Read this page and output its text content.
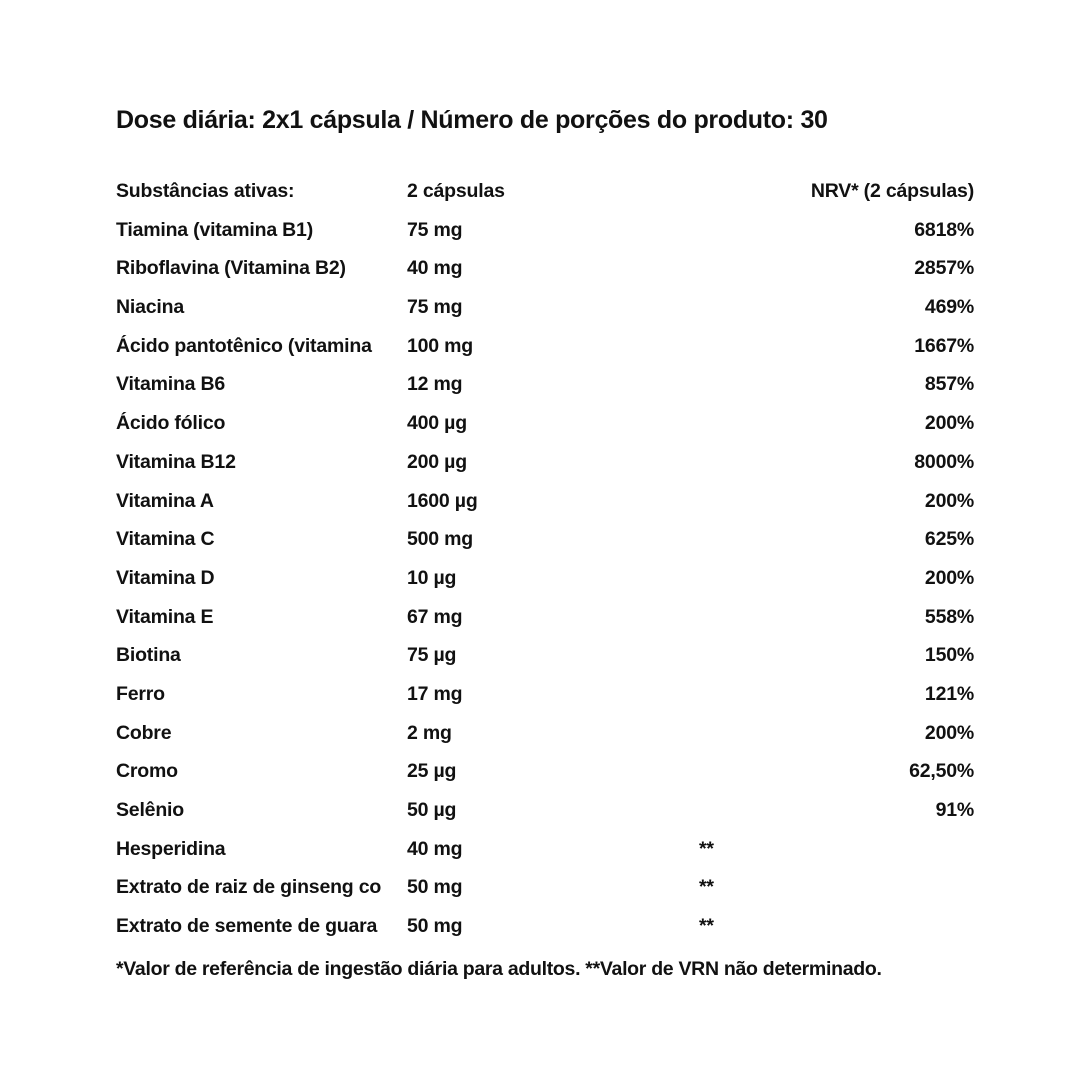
Dose diária: 2x1 cápsula / Número de porções do produto: 30
Substâncias ativas:	2 cápsulas	NRV* (2 cápsulas)
Tiamina (vitamina B1)	75 mg	6818%
Riboflavina (Vitamina B2)	40 mg	2857%
Niacina	75 mg	469%
Ácido pantotênico (vitamina	100 mg	1667%
Vitamina B6	12 mg	857%
Ácido fólico	400 µg	200%
Vitamina B12	200 µg	8000%
Vitamina A	1600 µg	200%
Vitamina C	500 mg	625%
Vitamina D	10 µg	200%
Vitamina E	67 mg	558%
Biotina	75 µg	150%
Ferro	17 mg	121%
Cobre	2 mg	200%
Cromo	25 µg	62,50%
Selênio	50 µg	91%
Hesperidina	40 mg	**
Extrato de raiz de ginseng co	50 mg	**
Extrato de semente de guara	50 mg	**
*Valor de referência de ingestão diária para adultos. **Valor de VRN não determinado.
